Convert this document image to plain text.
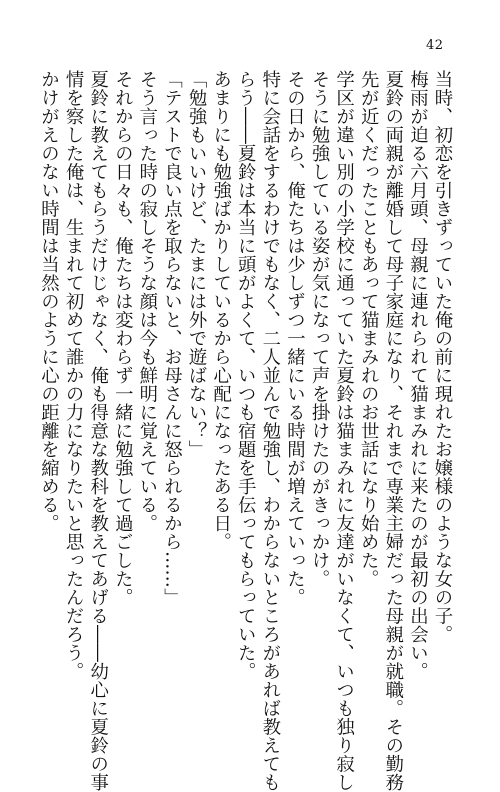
42

当時、初恋を引きずっていた俺の前に現れたお嬢様のような女の子。

梅雨が迫る六月頭、母親に連れられて猫まみれに来たのが最初の出会い。

夏鈴の両親が離婚して母子家庭になり、それまで専業主婦だった母親が就職。その勤務

先が近くだったこともあって猫まみれのお世話になり始めた。

学区が違い別の小学校に通っていた夏鈴は猫まみれに友達がいなくて、いつも独り寂し

そうに勉強している姿が気になって声を掛けたのがきっかけ。

その日から、俺たちは少しずつ一緒にいる時間が増えていった。

特に会話をするわけでもなく、二人並んで勉強し、わからないところがあれば教えても

らう――夏鈴は本当に頭がよくて、いつも宿題を手伝ってもらっていた。

あまりにも勉強ばかりしているから心配になったある日。

「勉強もいいけど、たまには外で遊ばない？」

「テストで良い点を取らないと、お母さんに怒られるから……」

そう言った時の寂しそうな顔は今も鮮明に覚えている。

それからの日々も、俺たちは変わらず一緒に勉強して過ごした。

夏鈴に教えてもらうだけじゃなく、俺も得意な教科を教えてあげる――幼心に夏鈴の事

情を察した俺は、生まれて初めて誰かの力になりたいと思ったんだろう。

かけがえのない時間は当然のように心の距離を縮める。
